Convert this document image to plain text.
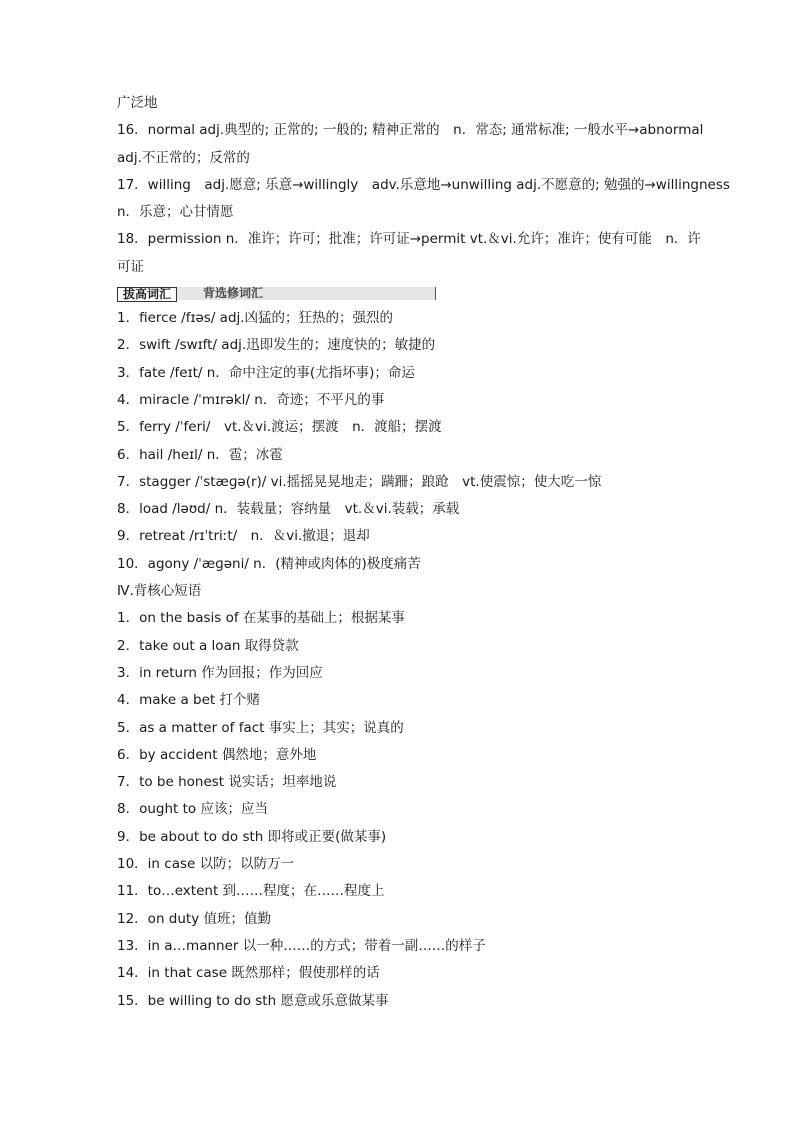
广泛地
16．normal adj.典型的; 正常的; 一般的; 精神正常的　n．常态; 通常标准; 一般水平→abnormal
adj.不正常的；反常的
17．willing　adj.愿意; 乐意→willingly　adv.乐意地→unwilling adj.不愿意的; 勉强的→willingness
n．乐意；心甘情愿
18．permission n．准许；许可；批准；许可证→permit vt.＆vi.允许；准许；使有可能　n．许
可证
拔高词汇	背选修词汇
1．fierce /fɪəs/ adj.凶猛的；狂热的；强烈的
2．swift /swɪft/ adj.迅即发生的；速度快的；敏捷的
3．fate /feɪt/ n．命中注定的事(尤指坏事)；命运
4．miracle /ˈmɪrəkl/ n．奇迹；不平凡的事
5．ferry /ˈferi/　vt.＆vi.渡运；摆渡　n．渡船；摆渡
6．hail /heɪl/ n．雹；冰雹
7．stagger /ˈstæɡə(r)/ vi.摇摇晃晃地走；蹒跚；踉跄　vt.使震惊；使大吃一惊
8．load /ləʊd/ n．装载量；容纳量　vt.＆vi.装载；承载
9．retreat /rɪˈtriːt/　n．＆vi.撤退；退却
10．agony /ˈæɡəni/ n．(精神或肉体的)极度痛苦
Ⅳ.背核心短语
1．on the basis of 在某事的基础上；根据某事
2．take out a loan 取得贷款
3．in return 作为回报；作为回应
4．make a bet 打个赌
5．as a matter of fact 事实上；其实；说真的
6．by accident 偶然地；意外地
7．to be honest 说实话；坦率地说
8．ought to 应该；应当
9．be about to do sth 即将或正要(做某事)
10．in case 以防；以防万一
11．to…extent 到……程度；在……程度上
12．on duty 值班；值勤
13．in a…manner 以一种……的方式；带着一副……的样子
14．in that case 既然那样；假使那样的话
15．be willing to do sth 愿意或乐意做某事
